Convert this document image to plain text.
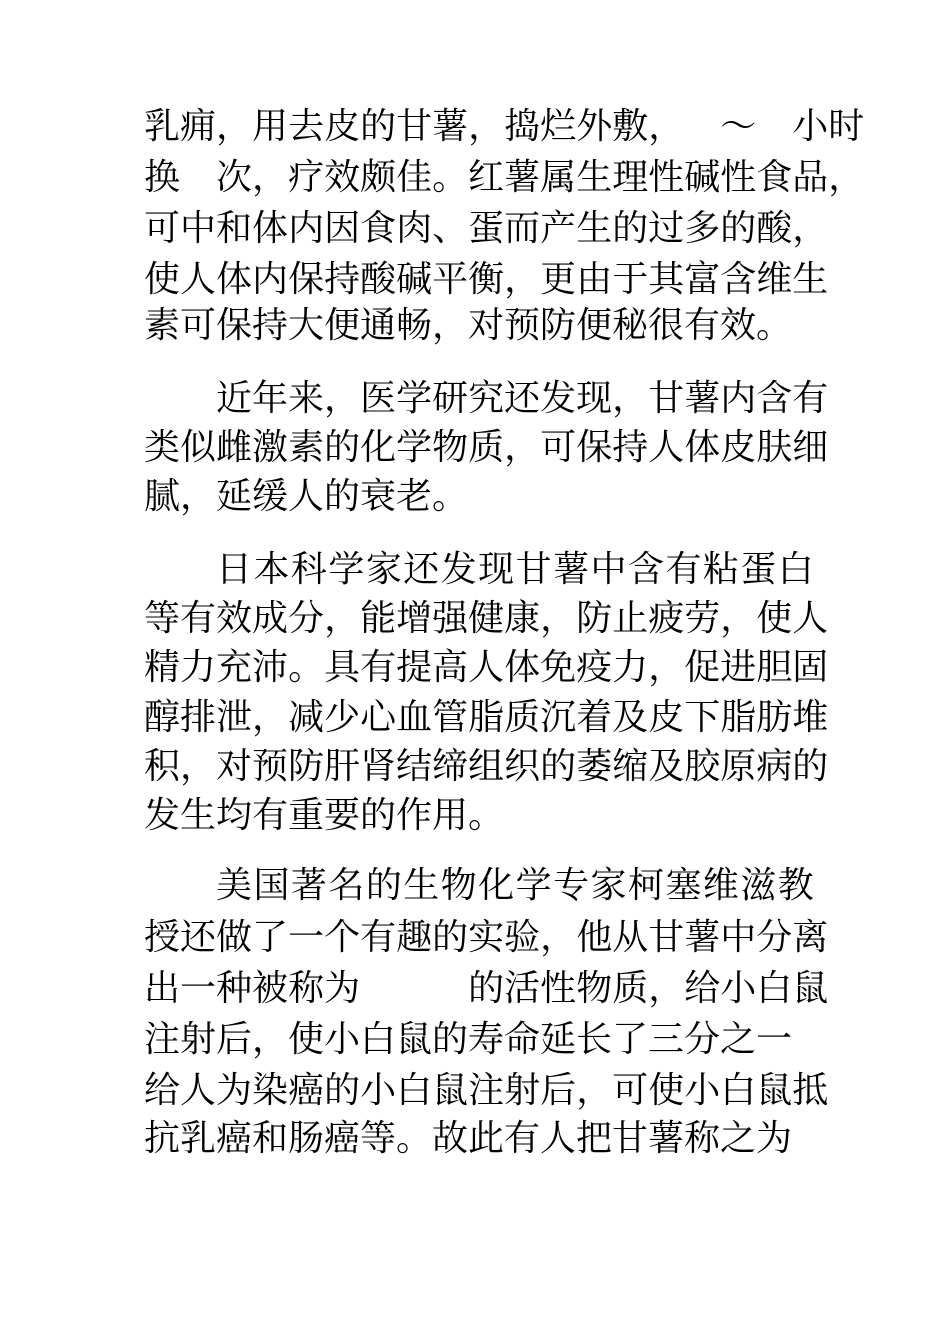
乳 痈 ， 用 去 皮 的 甘 薯 ， 捣 烂 外 敷 ，
　 ～
　 小 时
换
　 次 ， 疗 效 颇 佳 。 红 薯 属 生 理 性 碱 性 食 品 ，
可 中 和 体 内 因 食 肉 、 蛋 而 产 生 的 过 多 的 酸 ，
使 人 体 内 保 持 酸 碱 平 衡 ， 更 由 于 其 富 含 维 生
素可保持大便通畅，对预防便秘很有效。
近 年 来 ， 医 学 研 究 还 发 现 ， 甘 薯 内 含 有
类 似 雌 激 素 的 化 学 物 质 ， 可 保 持 人 体 皮 肤 细
腻，延缓人的衰老。
日 本 科 学 家 还 发 现 甘 薯 中 含 有 粘 蛋 白
等 有 效 成 分 ， 能 增 强 健 康 ， 防 止 疲 劳 ， 使 人
精 力 充 沛 。 具 有 提 高 人 体 免 疫 力 ， 促 进 胆 固
醇 排 泄 ， 减 少 心 血 管 脂 质 沉 着 及 皮 下 脂 肪 堆
积 ， 对 预 防 肝 肾 结 缔 组 织 的 萎 缩 及 胶 原 病 的
发生均有重要的作用。
美 国 著 名 的 生 物 化 学 专 家 柯 塞 维 滋 教
授 还 做 了 一 个 有 趣 的 实 验 ， 他 从 甘 薯 中 分 离
出 一 种 被 称 为

　	的 活 性 物 质 ， 给 小 白 鼠
注射后，使小白鼠的寿命延长了三分之一
给 人 为 染 癌 的 小 白 鼠 注 射 后 ， 可 使 小 白 鼠 抵
抗乳癌和肠癌等。故此有人把甘薯称之为
